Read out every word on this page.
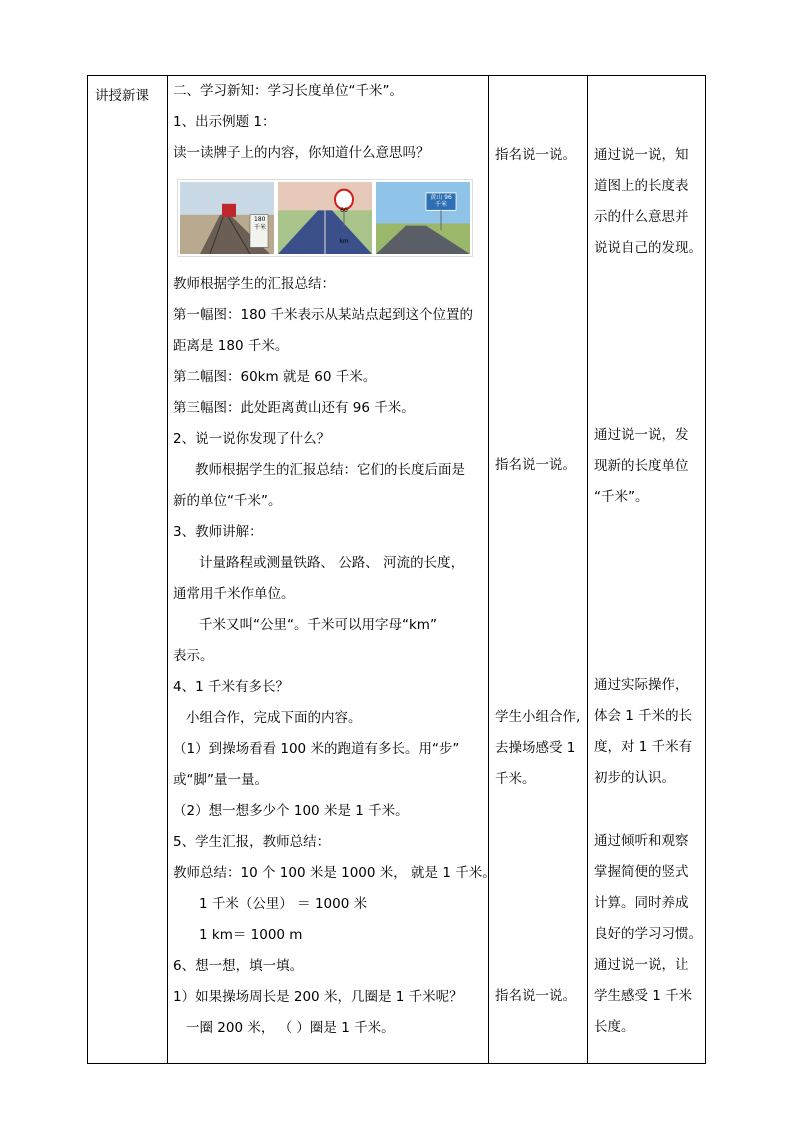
讲授新课 二、学习新知：学习长度单位“千米”。

1、出示例题 1：

读一读牌子上的内容，你知道什么意思吗？

180 千米
60 km
黄山 96 千米

教师根据学生的汇报总结：

第一幅图：180 千米表示从某站点起到这个位置的

距离是 180 千米。

第二幅图：60km 就是 60 千米。

第三幅图：此处距离黄山还有 96 千米。

2、说一说你发现了什么？

教师根据学生的汇报总结：它们的长度后面是

新的单位“千米”。

3、教师讲解：

计量路程或测量铁路、 公路、 河流的长度，

通常用千米作单位。

千米又叫“公里“。千米可以用字母“km”

表示。

4、1 千米有多长？

小组合作，完成下面的内容。

（1）到操场看看 100 米的跑道有多长。用“步”

或“脚”量一量。

（2）想一想多少个 100 米是 1 千米。

5、学生汇报，教师总结：

教师总结：10 个 100 米是 1000 米， 就是 1 千米。

1 千米（公里） ＝ 1000 米

1 km＝ 1000 m

6、想一想，填一填。

1）如果操场周长是 200 米，几圈是 1 千米呢？

一圈 200 米， （ ）圈是 1 千米。

指名说一说。
指名说一说。

学生小组合作,

去操场感受 1

千米。

指名说一说。

通过说一说，知

道图上的长度表

示的什么意思并

说说自己的发现。

通过说一说，发

现新的长度单位

“千米”。

通过实际操作，

体会 1 千米的长

度，对 1 千米有

初步的认识。

通过倾听和观察

掌握简便的竖式

计算。同时养成

良好的学习习惯。

通过说一说，让

学生感受 1 千米

长度。
